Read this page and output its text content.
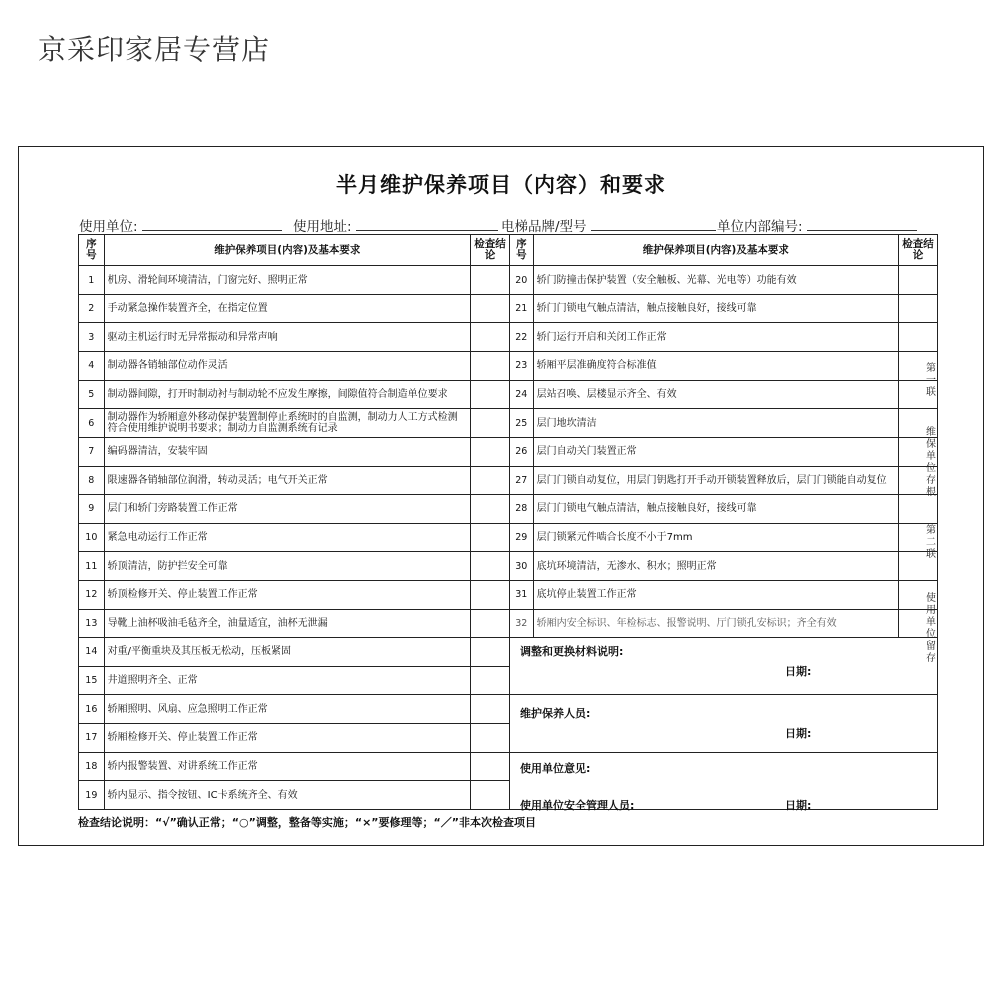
京采印家居专营店
半月维护保养项目（内容）和要求
使用单位:	使用地址:	电梯品牌/型号	单位内部编号:
序号	维护保养项目(内容)及基本要求	检查结论	序号	维护保养项目(内容)及基本要求	检查结论
1	机房、滑轮间环境清洁，门窗完好、照明正常		20	轿门防撞击保护装置（安全触板、光幕、光电等）功能有效	
2	手动紧急操作装置齐全，在指定位置		21	轿门门锁电气触点清洁，触点接触良好，接线可靠	
3	驱动主机运行时无异常振动和异常声响		22	轿门运行开启和关闭工作正常	
4	制动器各销轴部位动作灵活		23	轿厢平层准确度符合标准值	
5	制动器间隙，打开时制动衬与制动轮不应发生摩擦，间隙值符合制造单位要求		24	层站召唤、层楼显示齐全、有效	
6	制动器作为轿厢意外移动保护装置制停止系统时的自监测，制动力人工方式检测符合使用维护说明书要求；制动力自监测系统有记录		25	层门地坎清洁	
7	编码器清洁，安装牢固		26	层门自动关门装置正常	
8	限速器各销轴部位润滑，转动灵活；电气开关正常		27	层门门锁自动复位，用层门钥匙打开手动开锁装置释放后，层门门锁能自动复位	
9	层门和轿门旁路装置工作正常		28	层门门锁电气触点清洁，触点接触良好，接线可靠	
10	紧急电动运行工作正常		29	层门锁紧元件啮合长度不小于7mm	
11	轿顶清洁，防护拦安全可靠		30	底坑环境清洁，无渗水、积水；照明正常	
12	轿顶检修开关、停止装置工作正常		31	底坑停止装置工作正常	
13	导靴上油杯吸油毛毡齐全，油量适宜，油杯无泄漏		32	轿厢内安全标识、年检标志、报警说明、厅门锁孔安标识；齐全有效	
14	对重/平衡重块及其压板无松动，压板紧固		调整和更换材料说明:
日期:		

15	井道照明齐全、正常				
16	轿厢照明、风扇、应急照明工作正常		维护保养人员:
日期:		

17	轿厢检修开关、停止装置工作正常				
18	轿内报警装置、对讲系统工作正常		使用单位意见:
使用单位安全管理人员: 日期:		

19	轿内显示、指令按钮、IC卡系统齐全、有效				
检查结论说明：“√”确认正常；“○”调整，整备等实施；“×”要修理等；“／”非本次检查项目
第一联
维保单位存根
第二联
使用单位留存
